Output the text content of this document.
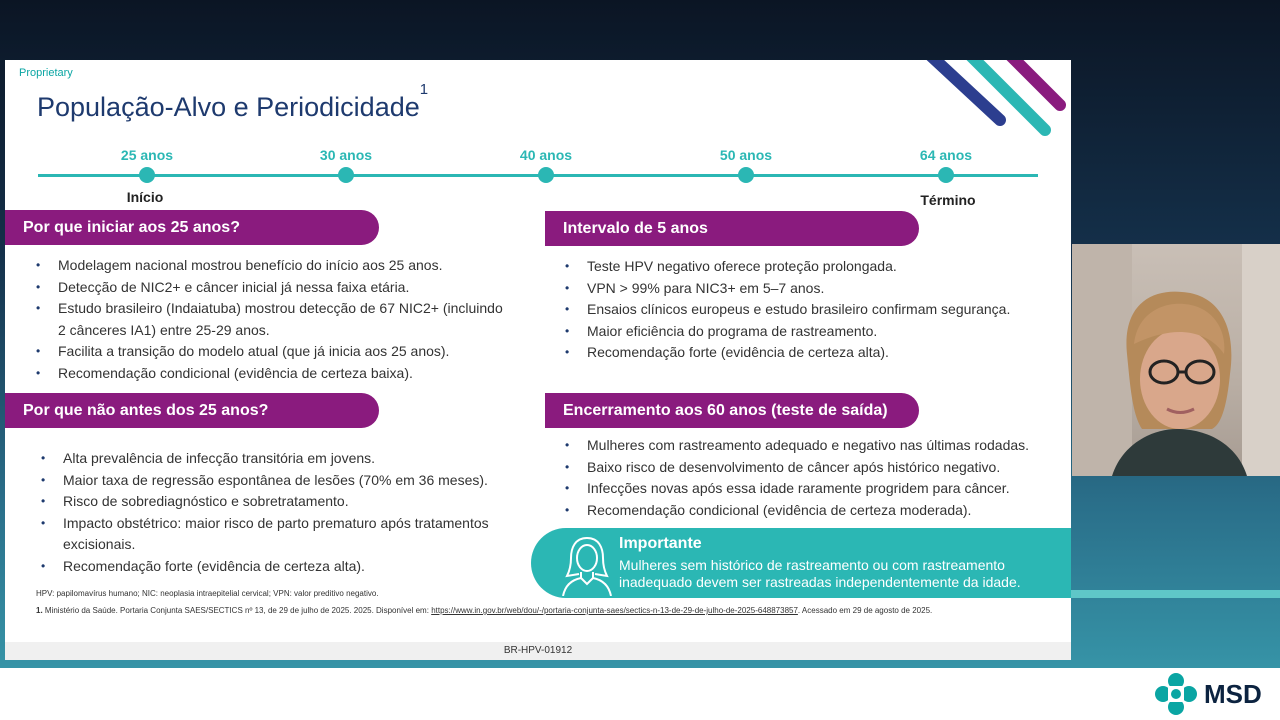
MSD
Proprietary
População-Alvo e Periodicidade$^1$
25 anos	30 anos	40 anos	50 anos	64 anos
Início	Término
Por que iniciar aos 25 anos?
• Modelagem nacional mostrou benefício do início aos 25 anos.
• Detecção de NIC2+ e câncer inicial já nessa faixa etária.
• Estudo brasileiro (Indaiatuba) mostrou detecção de 67 NIC2+ (incluindo 2 cânceres IA1) entre 25-29 anos.
• Facilita a transição do modelo atual (que já inicia aos 25 anos).
• Recomendação condicional (evidência de certeza baixa).
Por que não antes dos 25 anos?
• Alta prevalência de infecção transitória em jovens.
• Maior taxa de regressão espontânea de lesões (70% em 36 meses).
• Risco de sobrediagnóstico e sobretratamento.
• Impacto obstétrico: maior risco de parto prematuro após tratamentos excisionais.
• Recomendação forte (evidência de certeza alta).
Intervalo de 5 anos
• Teste HPV negativo oferece proteção prolongada.
• VPN > 99% para NIC3+ em 5–7 anos.
• Ensaios clínicos europeus e estudo brasileiro confirmam segurança.
• Maior eficiência do programa de rastreamento.
• Recomendação forte (evidência de certeza alta).
Encerramento aos 60 anos (teste de saída)
• Mulheres com rastreamento adequado e negativo nas últimas rodadas.
• Baixo risco de desenvolvimento de câncer após histórico negativo.
• Infecções novas após essa idade raramente progridem para câncer.
• Recomendação condicional (evidência de certeza moderada).
Importante
Mulheres sem histórico de rastreamento ou com rastreamento inadequado devem ser rastreadas independentemente da idade.
HPV: papilomavírus humano; NIC: neoplasia intraepitelial cervical; VPN: valor preditivo negativo.
1. Ministério da Saúde. Portaria Conjunta SAES/SECTICS nº 13, de 29 de julho de 2025. 2025. Disponível em: https://www.in.gov.br/web/dou/-/portaria-conjunta-saes/sectics-n-13-de-29-de-julho-de-2025-648873857. Acessado em 29 de agosto de 2025.
BR-HPV-01912
